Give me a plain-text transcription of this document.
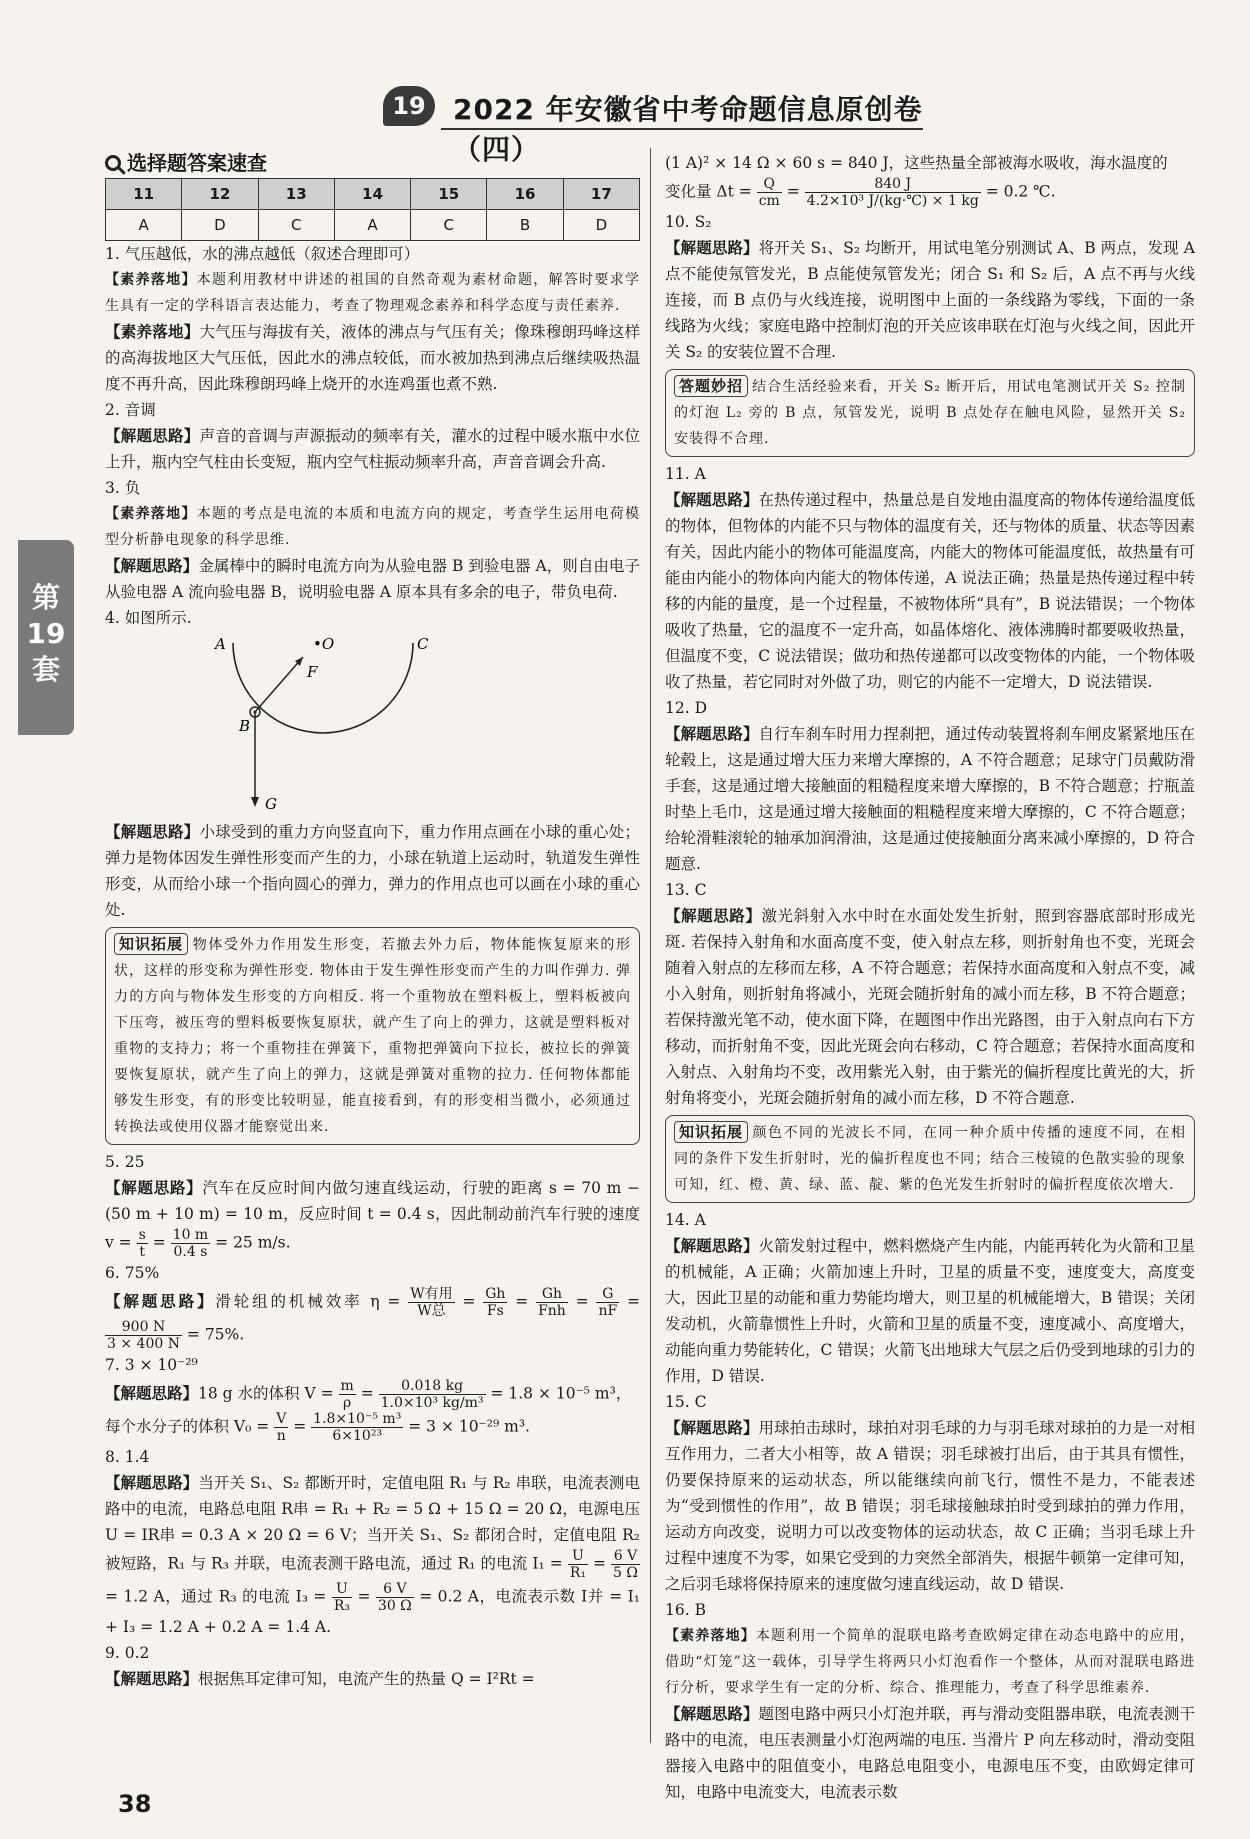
19 2022 年安徽省中考命题信息原创卷（四）
第
19
套
选择题答案速查
11	12	13	14	15	16	17
A	D	C	A	C	B	D

1. 气压越低，水的沸点越低（叙述合理即可）

【素养落地】本题利用教材中讲述的祖国的自然奇观为素材命题，解答时要求学生具有一定的学科语言表达能力，考查了物理观念素养和科学态度与责任素养.

【素养落地】大气压与海拔有关，液体的沸点与气压有关；像珠穆朗玛峰这样的高海拔地区大气压低，因此水的沸点较低，而水被加热到沸点后继续吸热温度不再升高，因此珠穆朗玛峰上烧开的水连鸡蛋也煮不熟.

2. 音调

【解题思路】声音的音调与声源振动的频率有关，灌水的过程中暖水瓶中水位上升，瓶内空气柱由长变短，瓶内空气柱振动频率升高，声音音调会升高.

3. 负

【素养落地】本题的考点是电流的本质和电流方向的规定，考查学生运用电荷模型分析静电现象的科学思维.

【解题思路】金属棒中的瞬时电流方向为从验电器 B 到验电器 A，则自由电子从验电器 A 流向验电器 B，说明验电器 A 原本具有多余的电子，带负电荷.

4. 如图所示.

A	C
•O
F
B
G

【解题思路】小球受到的重力方向竖直向下，重力作用点画在小球的重心处；弹力是物体因发生弹性形变而产生的力，小球在轨道上运动时，轨道发生弹性形变，从而给小球一个指向圆心的弹力，弹力的作用点也可以画在小球的重心处.

知识拓展 物体受外力作用发生形变，若撤去外力后，物体能恢复原来的形状，这样的形变称为弹性形变. 物体由于发生弹性形变而产生的力叫作弹力. 弹力的方向与物体发生形变的方向相反. 将一个重物放在塑料板上，塑料板被向下压弯，被压弯的塑料板要恢复原状，就产生了向上的弹力，这就是塑料板对重物的支持力；将一个重物挂在弹簧下，重物把弹簧向下拉长，被拉长的弹簧要恢复原状，就产生了向上的弹力，这就是弹簧对重物的拉力. 任何物体都能够发生形变，有的形变比较明显，能直接看到，有的形变相当微小，必须通过转换法或使用仪器才能察觉出来.

5. 25

【解题思路】汽车在反应时间内做匀速直线运动，行驶的距离 s = 70 m − (50 m + 10 m) = 10 m，反应时间 t = 0.4 s，因此制动前汽车行驶的速度 $v = \frac{s}{t} = \frac{10 m}{0.4 s} = 25$ m/s.

6. 75%

【解题思路】滑轮组的机械效率 $\eta = \frac{\text{W有用}}{\text{W总}} = \frac{Gh}{Fs} = \frac{Gh}{\text{Fnh}} = \frac{G}{nF}$ =
$\frac{900 N}{3 \times 400 N} = 75\%$.

7. 3 × 10⁻²⁹

【解题思路】18 g 水的体积 $V = \frac{m}{\rho} = \frac{0.018 kg}{\text{1.0×10³ kg/m³}} = 1.8 \times 10^{-5}$ m³，
每个水分子的体积 $V_0 = \frac{V}{n} = \frac{\text{1.8×10⁻⁵ m³}}{\text{6×10²³}} = 3 \times 10^{-29}$ m³.

8. 1.4

【解题思路】当开关 S₁、S₂ 都断开时，定值电阻 R₁ 与 R₂ 串联，电流表测电路中的电流，电路总电阻 R串 = R₁ + R₂ = 5 Ω + 15 Ω = 20 Ω，电源电压 U = IR串 = 0.3 A × 20 Ω = 6 V；当开关 S₁、S₂ 都闭合时，定值电阻 R₂ 被短路，R₁ 与 R₃ 并联，电流表测干路电流，通过 R₁ 的电流 $I_1 = \frac{U}{\text{R₁}} = \frac{6 V}{5 \Omega}$
= 1.2 A，通过 R₃ 的电流 $I_3 = \frac{U}{\text{R₃}} = \frac{6 V}{30 \Omega} = 0.2$ A，电流表示数 I并 = I₁ + I₃ = 1.2 A + 0.2 A = 1.4 A.

9. 0.2

【解题思路】根据焦耳定律可知，电流产生的热量 Q = I²Rt =

(1 A)² × 14 Ω × 60 s = 840 J，这些热量全部被海水吸收，海水温度的

变化量 $\Delta t = \frac{Q}{cm} = \frac{840 J}{\text{4.2×10³ J/(kg·℃) × 1 kg}} = 0.2$ ℃.

10. S₂

【解题思路】将开关 S₁、S₂ 均断开，用试电笔分别测试 A、B 两点，发现 A 点不能使氖管发光，B 点能使氖管发光；闭合 S₁ 和 S₂ 后，A 点不再与火线连接，而 B 点仍与火线连接，说明图中上面的一条线路为零线，下面的一条线路为火线；家庭电路中控制灯泡的开关应该串联在灯泡与火线之间，因此开关 S₂ 的安装位置不合理.

答题妙招 结合生活经验来看，开关 S₂ 断开后，用试电笔测试开关 S₂ 控制的灯泡 L₂ 旁的 B 点，氖管发光，说明 B 点处存在触电风险，显然开关 S₂ 安装得不合理.

11. A

【解题思路】在热传递过程中，热量总是自发地由温度高的物体传递给温度低的物体，但物体的内能不只与物体的温度有关，还与物体的质量、状态等因素有关，因此内能小的物体可能温度高，内能大的物体可能温度低，故热量有可能由内能小的物体向内能大的物体传递，A 说法正确；热量是热传递过程中转移的内能的量度，是一个过程量，不被物体所“具有”，B 说法错误；一个物体吸收了热量，它的温度不一定升高，如晶体熔化、液体沸腾时都要吸收热量，但温度不变，C 说法错误；做功和热传递都可以改变物体的内能，一个物体吸收了热量，若它同时对外做了功，则它的内能不一定增大，D 说法错误.

12. D

【解题思路】自行车刹车时用力捏刹把，通过传动装置将刹车闸皮紧紧地压在轮毂上，这是通过增大压力来增大摩擦的，A 不符合题意；足球守门员戴防滑手套，这是通过增大接触面的粗糙程度来增大摩擦的，B 不符合题意；拧瓶盖时垫上毛巾，这是通过增大接触面的粗糙程度来增大摩擦的，C 不符合题意；给轮滑鞋滚轮的轴承加润滑油，这是通过使接触面分离来减小摩擦的，D 符合题意.

13. C

【解题思路】激光斜射入水中时在水面处发生折射，照到容器底部时形成光斑. 若保持入射角和水面高度不变，使入射点左移，则折射角也不变，光斑会随着入射点的左移而左移，A 不符合题意；若保持水面高度和入射点不变，减小入射角，则折射角将减小，光斑会随折射角的减小而左移，B 不符合题意；若保持激光笔不动，使水面下降，在题图中作出光路图，由于入射点向右下方移动，而折射角不变，因此光斑会向右移动，C 符合题意；若保持水面高度和入射点、入射角均不变，改用紫光入射，由于紫光的偏折程度比黄光的大，折射角将变小，光斑会随折射角的减小而左移，D 不符合题意.

知识拓展 颜色不同的光波长不同，在同一种介质中传播的速度不同，在相同的条件下发生折射时，光的偏折程度也不同；结合三棱镜的色散实验的现象可知，红、橙、黄、绿、蓝、靛、紫的色光发生折射时的偏折程度依次增大.

14. A

【解题思路】火箭发射过程中，燃料燃烧产生内能，内能再转化为火箭和卫星的机械能，A 正确；火箭加速上升时，卫星的质量不变，速度变大，高度变大，因此卫星的动能和重力势能均增大，则卫星的机械能增大，B 错误；关闭发动机，火箭靠惯性上升时，火箭和卫星的质量不变，速度减小、高度增大，动能向重力势能转化，C 错误；火箭飞出地球大气层之后仍受到地球的引力的作用，D 错误.

15. C

【解题思路】用球拍击球时，球拍对羽毛球的力与羽毛球对球拍的力是一对相互作用力，二者大小相等，故 A 错误；羽毛球被打出后，由于其具有惯性，仍要保持原来的运动状态，所以能继续向前飞行，惯性不是力，不能表述为“受到惯性的作用”，故 B 错误；羽毛球接触球拍时受到球拍的弹力作用，运动方向改变，说明力可以改变物体的运动状态，故 C 正确；当羽毛球上升过程中速度不为零，如果它受到的力突然全部消失，根据牛顿第一定律可知，之后羽毛球将保持原来的速度做匀速直线运动，故 D 错误.

16. B

【素养落地】本题利用一个简单的混联电路考查欧姆定律在动态电路中的应用，借助“灯笼”这一载体，引导学生将两只小灯泡看作一个整体，从而对混联电路进行分析，要求学生有一定的分析、综合、推理能力，考查了科学思维素养.

【解题思路】题图电路中两只小灯泡并联，再与滑动变阻器串联，电流表测干路中的电流，电压表测量小灯泡两端的电压. 当滑片 P 向左移动时，滑动变阻器接入电路中的阻值变小，电路总电阻变小，电源电压不变，由欧姆定律可知，电路中电流变大，电流表示数

38
